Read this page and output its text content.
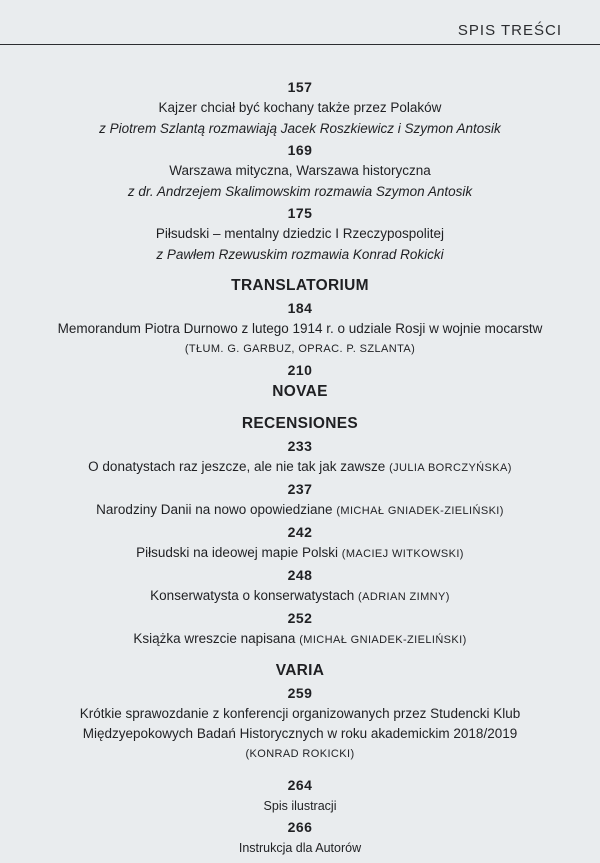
SPIS TREŚCI
157
Kajzer chciał być kochany także przez Polaków
z Piotrem Szlantą rozmawiają Jacek Roszkiewicz i Szymon Antosik
169
Warszawa mityczna, Warszawa historyczna
z dr. Andrzejem Skalimowskim rozmawia Szymon Antosik
175
Piłsudski – mentalny dziedzic I Rzeczypospolitej
z Pawłem Rzewuskim rozmawia Konrad Rokicki
TRANSLATORIUM
184
Memorandum Piotra Durnowo z lutego 1914 r. o udziale Rosji w wojnie mocarstw
(TŁUM. G. GARBUZ, OPRAC. P. SZLANTA)
210
NOVAE
RECENSIONES
233
O donatystach raz jeszcze, ale nie tak jak zawsze (JULIA BORCZYŃSKA)
237
Narodziny Danii na nowo opowiedziane (MICHAŁ GNIADEK-ZIELIŃSKI)
242
Piłsudski na ideowej mapie Polski (MACIEJ WITKOWSKI)
248
Konserwatysta o konserwatystach (ADRIAN ZIMNY)
252
Książka wreszcie napisana (MICHAŁ GNIADEK-ZIELIŃSKI)
VARIA
259
Krótkie sprawozdanie z konferencji organizowanych przez Studencki Klub
Międzyepokowych Badań Historycznych w roku akademickim 2018/2019
(KONRAD ROKICKI)
264
Spis ilustracji
266
Instrukcja dla Autorów
